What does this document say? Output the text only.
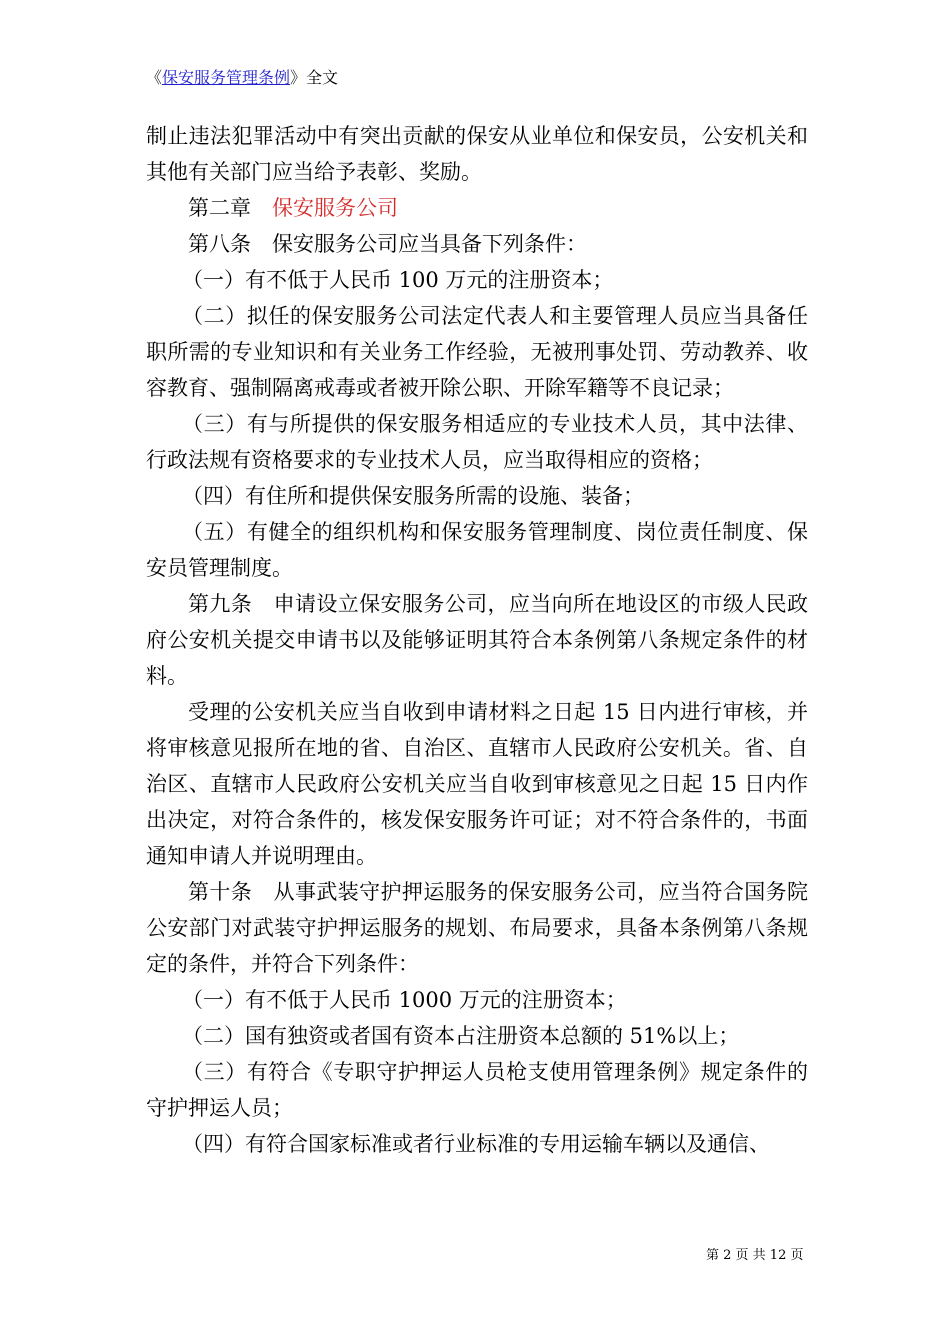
《保安服务管理条例》全文

制止违法犯罪活动中有突出贡献的保安从业单位和保安员，公安机关和其他有关部门应当给予表彰、奖励。

第二章 保安服务公司

第八条　保安服务公司应当具备下列条件：

（一）有不低于人民币 100 万元的注册资本；

（二）拟任的保安服务公司法定代表人和主要管理人员应当具备任职所需的专业知识和有关业务工作经验，无被刑事处罚、劳动教养、收容教育、强制隔离戒毒或者被开除公职、开除军籍等不良记录；

（三）有与所提供的保安服务相适应的专业技术人员，其中法律、行政法规有资格要求的专业技术人员，应当取得相应的资格；

（四）有住所和提供保安服务所需的设施、装备；

（五）有健全的组织机构和保安服务管理制度、岗位责任制度、保安员管理制度。

第九条　申请设立保安服务公司，应当向所在地设区的市级人民政府公安机关提交申请书以及能够证明其符合本条例第八条规定条件的材料。

受理的公安机关应当自收到申请材料之日起 15 日内进行审核，并将审核意见报所在地的省、自治区、直辖市人民政府公安机关。省、自治区、直辖市人民政府公安机关应当自收到审核意见之日起 15 日内作出决定，对符合条件的，核发保安服务许可证；对不符合条件的，书面通知申请人并说明理由。

第十条　从事武装守护押运服务的保安服务公司，应当符合国务院公安部门对武装守护押运服务的规划、布局要求，具备本条例第八条规定的条件，并符合下列条件：

（一）有不低于人民币 1000 万元的注册资本；

（二）国有独资或者国有资本占注册资本总额的 51%以上；

（三）有符合《专职守护押运人员枪支使用管理条例》规定条件的守护押运人员；

（四）有符合国家标准或者行业标准的专用运输车辆以及通信、

第 2 页 共 12 页
